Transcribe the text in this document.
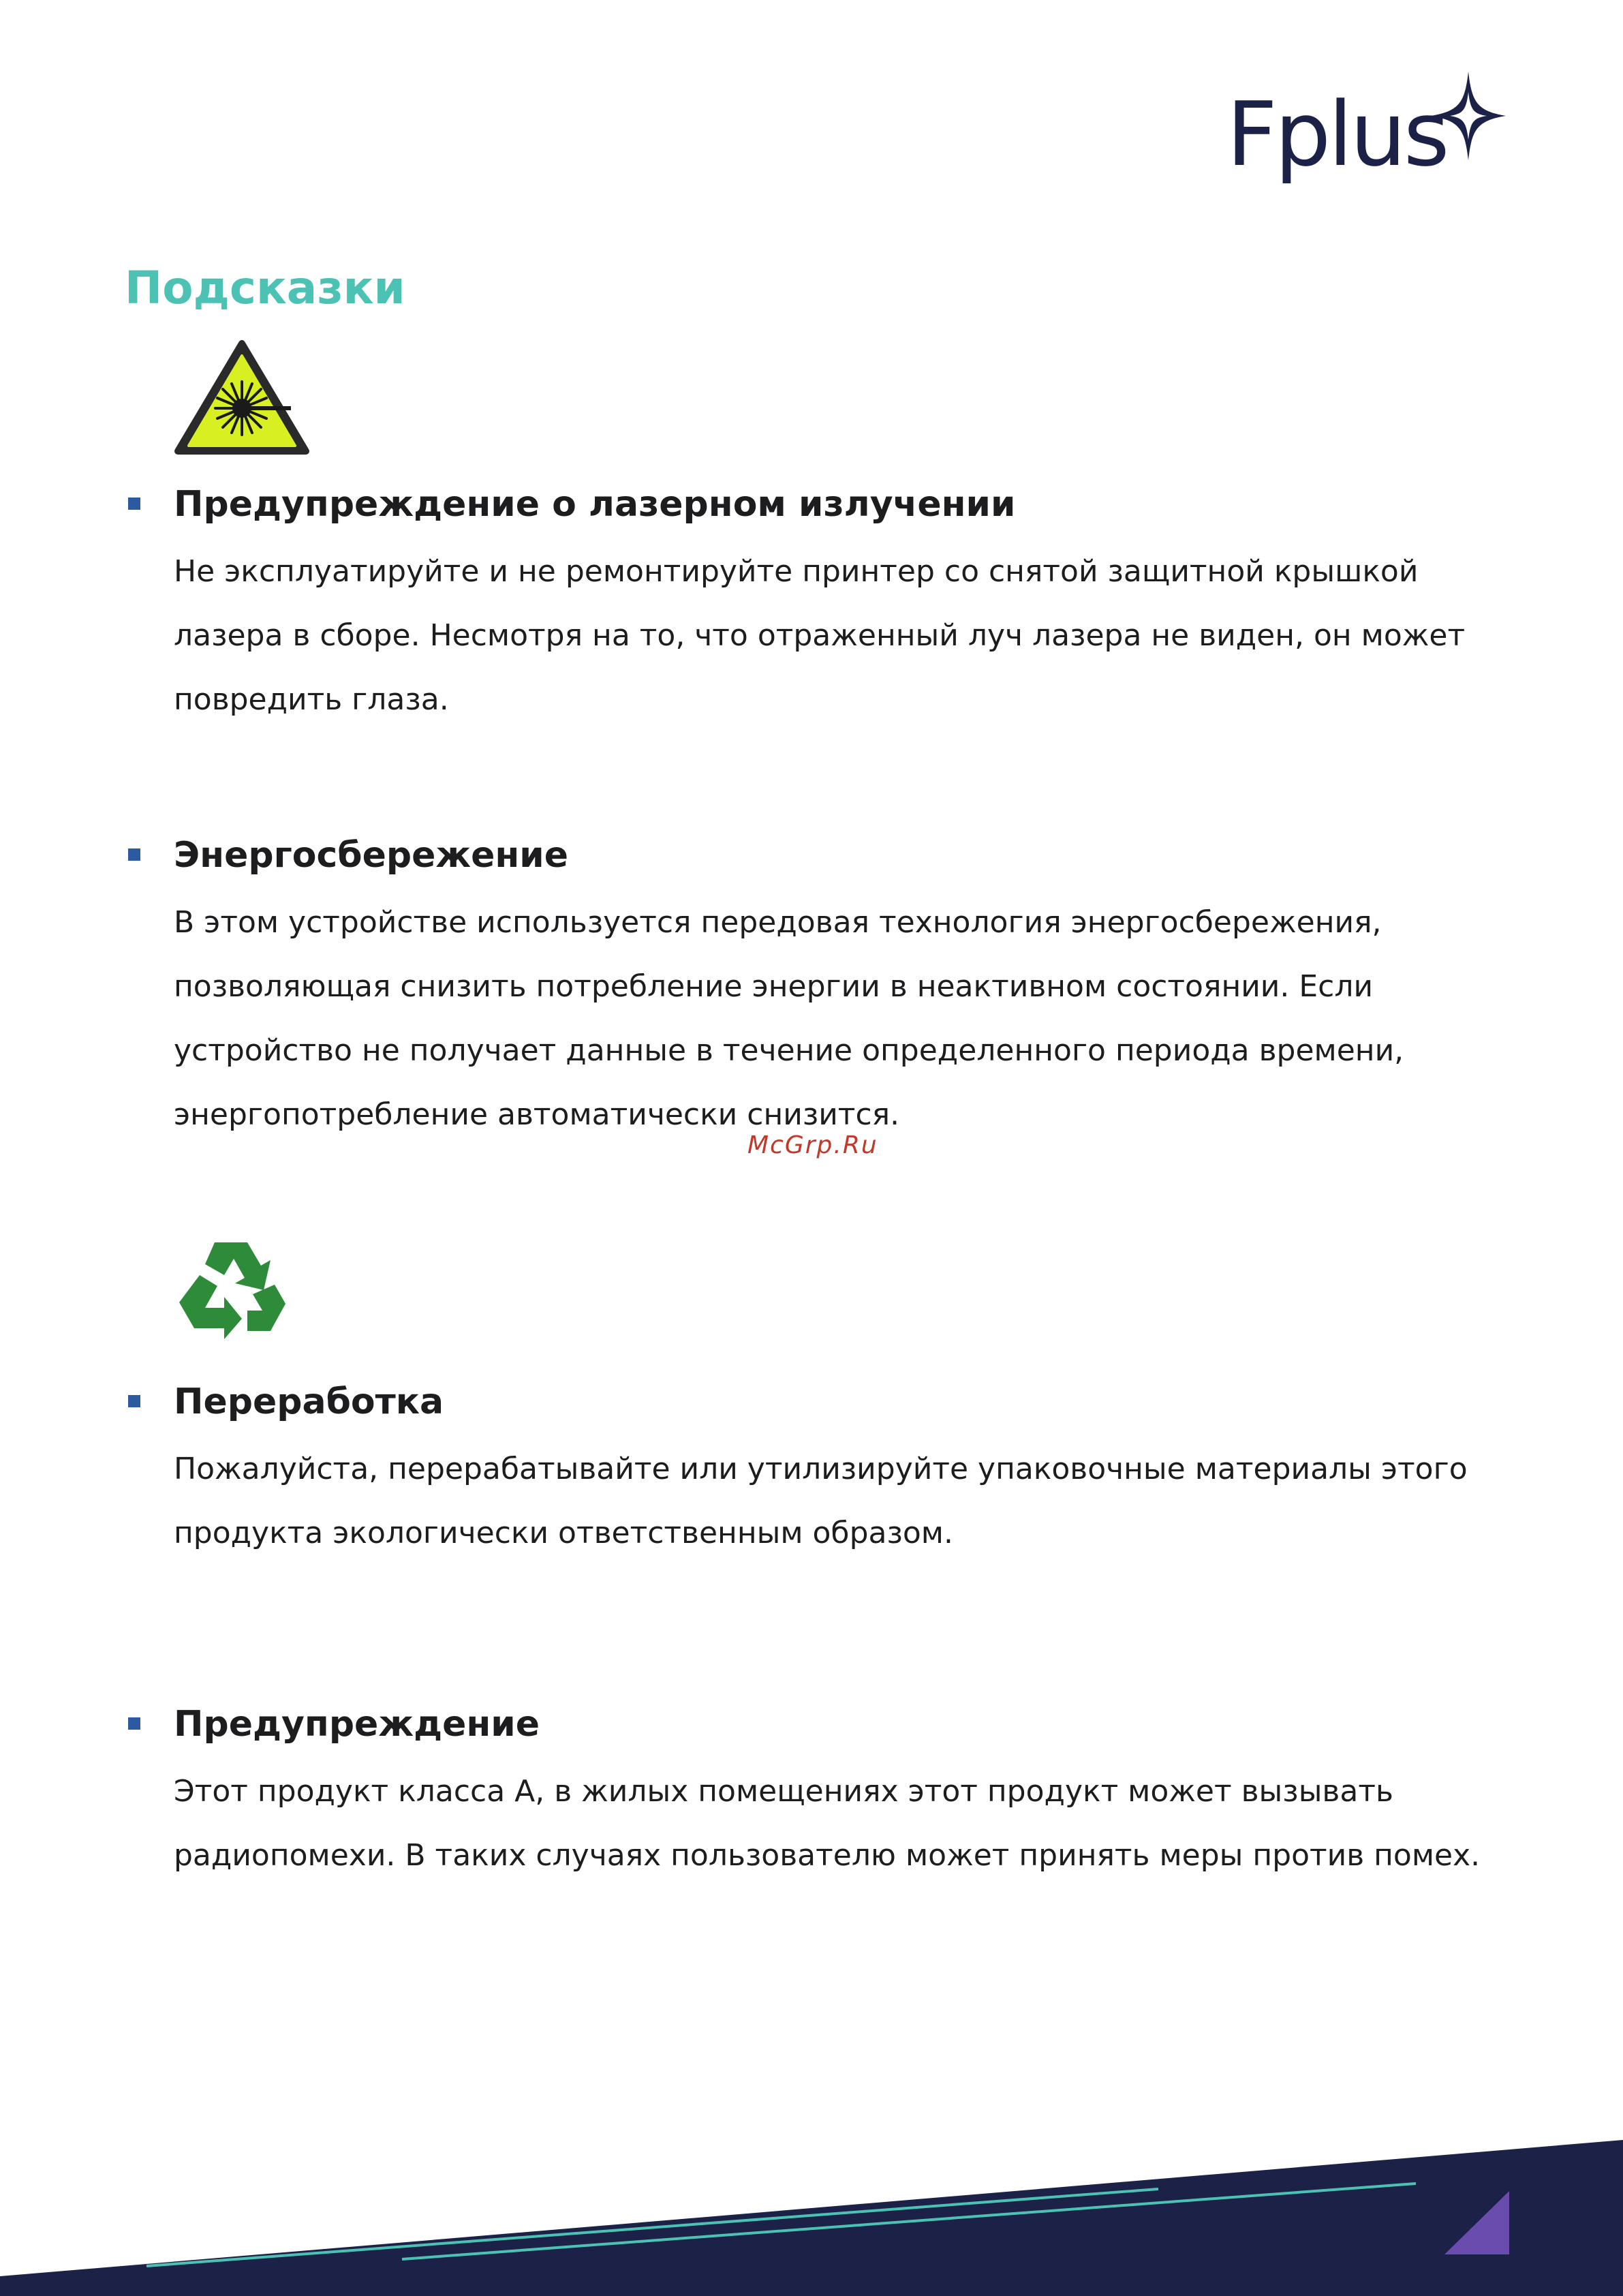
Fplus
Подсказки
Предупреждение о лазерном излучении
Не эксплуатируйте и не ремонтируйте принтер со снятой защитной крышкой
лазера в сборе. Несмотря на то, что отраженный луч лазера не виден, он может
повредить глаза.
Энергосбережение
В этом устройстве используется передовая технология энергосбережения,
позволяющая снизить потребление энергии в неактивном состоянии. Если
устройство не получает данные в течение определенного периода времени,
энергопотребление автоматически снизится.
McGrp.Ru
Переработка
Пожалуйста, перерабатывайте или утилизируйте упаковочные материалы этого
продукта экологически ответственным образом.
Предупреждение
Этот продукт класса А, в жилых помещениях этот продукт может вызывать
радиопомехи. В таких случаях пользователю может принять меры против помех.
